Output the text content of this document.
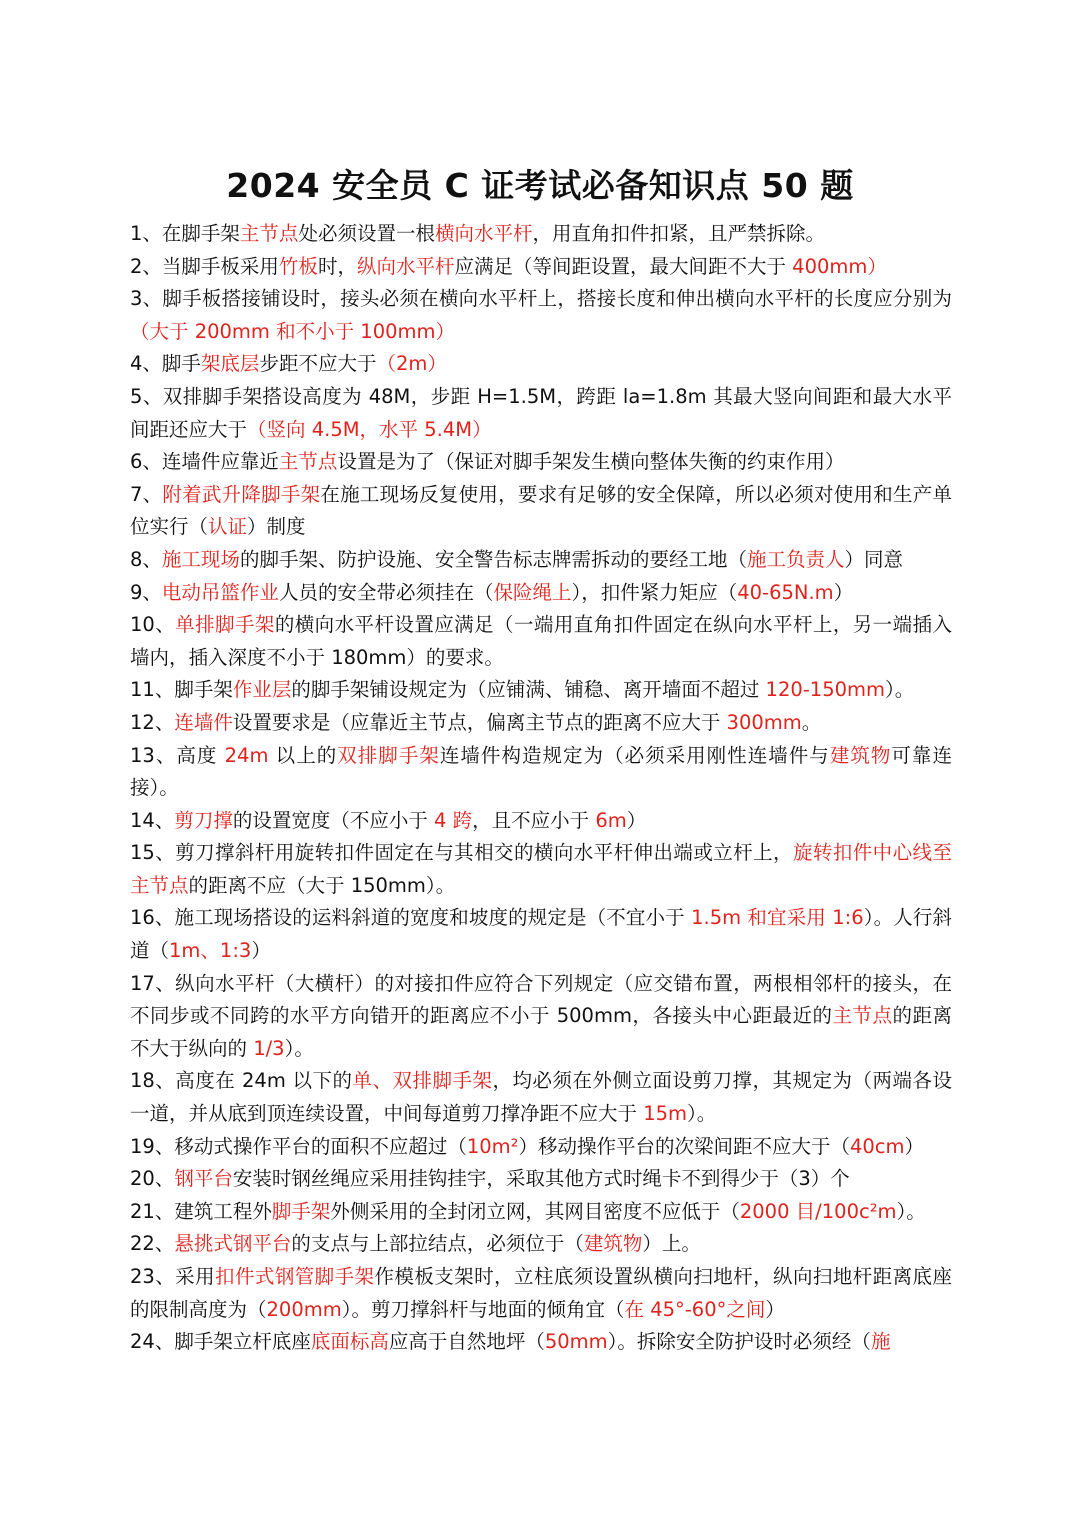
2024 安全员 C 证考试必备知识点 50 题

1、在脚手架主节点处必须设置一根横向水平杆，用直角扣件扣紧，且严禁拆除。

2、当脚手板采用竹板时，纵向水平杆应满足（等间距设置，最大间距不大于 400mm）

3、脚手板搭接铺设时，接头必须在横向水平杆上，搭接长度和伸出横向水平杆的长度应分别为（大于 200mm 和不小于 100mm）

4、脚手架底层步距不应大于（2m）

5、双排脚手架搭设高度为 48M，步距 H=1.5M，跨距 la=1.8m 其最大竖向间距和最大水平间距还应大于（竖向 4.5M，水平 5.4M）

6、连墙件应靠近主节点设置是为了（保证对脚手架发生横向整体失衡的约束作用）

7、附着武升降脚手架在施工现场反复使用，要求有足够的安全保障，所以必须对使用和生产单位实行（认证）制度

8、施工现场的脚手架、防护设施、安全警告标志牌需拆动的要经工地（施工负责人）同意

9、电动吊篮作业人员的安全带必须挂在（保险绳上），扣件紧力矩应（40-65N.m）

10、单排脚手架的横向水平杆设置应满足（一端用直角扣件固定在纵向水平杆上，另一端插入墙内，插入深度不小于 180mm）的要求。

11、脚手架作业层的脚手架铺设规定为（应铺满、铺稳、离开墙面不超过 120-150mm）。

12、连墙件设置要求是（应靠近主节点，偏离主节点的距离不应大于 300mm。

13、高度 24m 以上的双排脚手架连墙件构造规定为（必须采用刚性连墙件与建筑物可靠连接）。

14、剪刀撑的设置宽度（不应小于 4 跨，且不应小于 6m）

15、剪刀撑斜杆用旋转扣件固定在与其相交的横向水平杆伸出端或立杆上，旋转扣件中心线至主节点的距离不应（大于 150mm）。

16、施工现场搭设的运料斜道的宽度和坡度的规定是（不宜小于 1.5m 和宜采用 1:6）。人行斜道（1m、1:3）

17、纵向水平杆（大横杆）的对接扣件应符合下列规定（应交错布置，两根相邻杆的接头，在不同步或不同跨的水平方向错开的距离应不小于 500mm，各接头中心距最近的主节点的距离不大于纵向的 1/3）。

18、高度在 24m 以下的单、双排脚手架，均必须在外侧立面设剪刀撑，其规定为（两端各设一道，并从底到顶连续设置，中间每道剪刀撑净距不应大于 15m）。

19、移动式操作平台的面积不应超过（10m²）移动操作平台的次梁间距不应大于（40cm）

20、钢平台安装时钢丝绳应采用挂钩挂宇，采取其他方式时绳卡不到得少于（3）个

21、建筑工程外脚手架外侧采用的全封闭立网，其网目密度不应低于（2000 目/100c²m）。

22、悬挑式钢平台的支点与上部拉结点，必须位于（建筑物）上。

23、采用扣件式钢管脚手架作模板支架时，立柱底须设置纵横向扫地杆，纵向扫地杆距离底座的限制高度为（200mm）。剪刀撑斜杆与地面的倾角宜（在 45°-60°之间）

24、脚手架立杆底座底面标高应高于自然地坪（50mm）。拆除安全防护设时必须经（施
